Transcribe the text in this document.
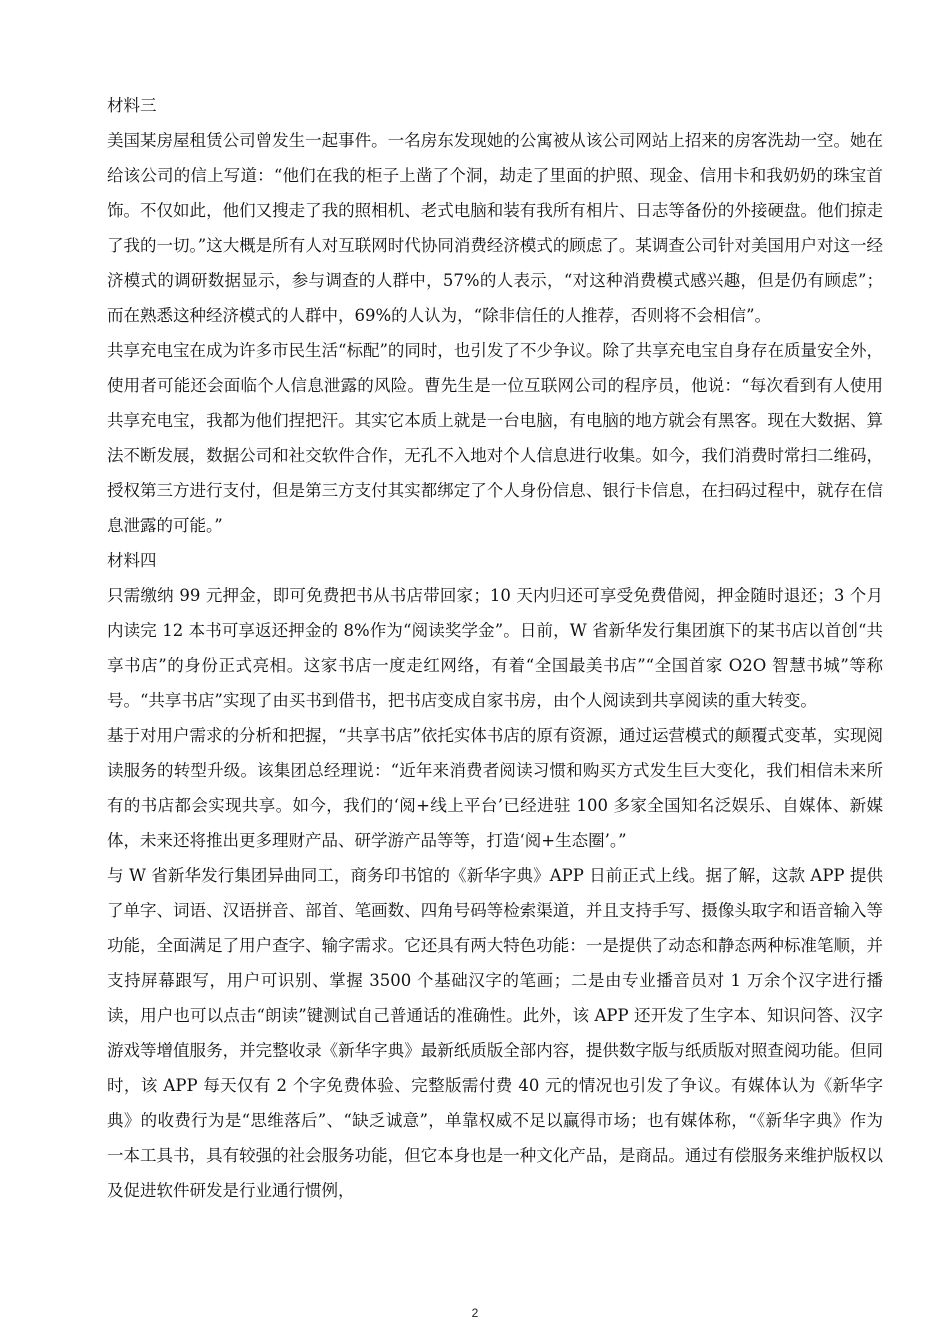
材料三

美国某房屋租赁公司曾发生一起事件。一名房东发现她的公寓被从该公司网站上招来的房客洗劫一空。她在给该公司的信上写道：“他们在我的柜子上凿了个洞，劫走了里面的护照、现金、信用卡和我奶奶的珠宝首饰。不仅如此，他们又搜走了我的照相机、老式电脑和装有我所有相片、日志等备份的外接硬盘。他们掠走了我的一切。”这大概是所有人对互联网时代协同消费经济模式的顾虑了。某调查公司针对美国用户对这一经济模式的调研数据显示，参与调查的人群中，57%的人表示，“对这种消费模式感兴趣，但是仍有顾虑”；而在熟悉这种经济模式的人群中，69%的人认为，“除非信任的人推荐，否则将不会相信”。

共享充电宝在成为许多市民生活“标配”的同时，也引发了不少争议。除了共享充电宝自身存在质量安全外，使用者可能还会面临个人信息泄露的风险。曹先生是一位互联网公司的程序员，他说：“每次看到有人使用共享充电宝，我都为他们捏把汗。其实它本质上就是一台电脑，有电脑的地方就会有黑客。现在大数据、算法不断发展，数据公司和社交软件合作，无孔不入地对个人信息进行收集。如今，我们消费时常扫二维码，授权第三方进行支付，但是第三方支付其实都绑定了个人身份信息、银行卡信息，在扫码过程中，就存在信息泄露的可能。”

材料四

只需缴纳 99 元押金，即可免费把书从书店带回家；10 天内归还可享受免费借阅，押金随时退还；3 个月内读完 12 本书可享返还押金的 8%作为“阅读奖学金”。日前，W 省新华发行集团旗下的某书店以首创“共享书店”的身份正式亮相。这家书店一度走红网络，有着“全国最美书店”“全国首家 O2O 智慧书城”等称号。“共享书店”实现了由买书到借书，把书店变成自家书房，由个人阅读到共享阅读的重大转变。

基于对用户需求的分析和把握，“共享书店”依托实体书店的原有资源，通过运营模式的颠覆式变革，实现阅读服务的转型升级。该集团总经理说：“近年来消费者阅读习惯和购买方式发生巨大变化，我们相信未来所有的书店都会实现共享。如今，我们的‘阅+线上平台’已经进驻 100 多家全国知名泛娱乐、自媒体、新媒体，未来还将推出更多理财产品、研学游产品等等，打造‘阅+生态圈’。”

与 W 省新华发行集团异曲同工，商务印书馆的《新华字典》APP 日前正式上线。据了解，这款 APP 提供了单字、词语、汉语拼音、部首、笔画数、四角号码等检索渠道，并且支持手写、摄像头取字和语音输入等功能，全面满足了用户查字、输字需求。它还具有两大特色功能：一是提供了动态和静态两种标准笔顺，并支持屏幕跟写，用户可识别、掌握 3500 个基础汉字的笔画；二是由专业播音员对 1 万余个汉字进行播读，用户也可以点击“朗读”键测试自己普通话的准确性。此外，该 APP 还开发了生字本、知识问答、汉字游戏等增值服务，并完整收录《新华字典》最新纸质版全部内容，提供数字版与纸质版对照查阅功能。但同时，该 APP 每天仅有 2 个字免费体验、完整版需付费 40 元的情况也引发了争议。有媒体认为《新华字典》的收费行为是“思维落后”、“缺乏诚意”，单靠权威不足以赢得市场；也有媒体称，“《新华字典》作为一本工具书，具有较强的社会服务功能，但它本身也是一种文化产品，是商品。通过有偿服务来维护版权以及促进软件研发是行业通行惯例，

2
